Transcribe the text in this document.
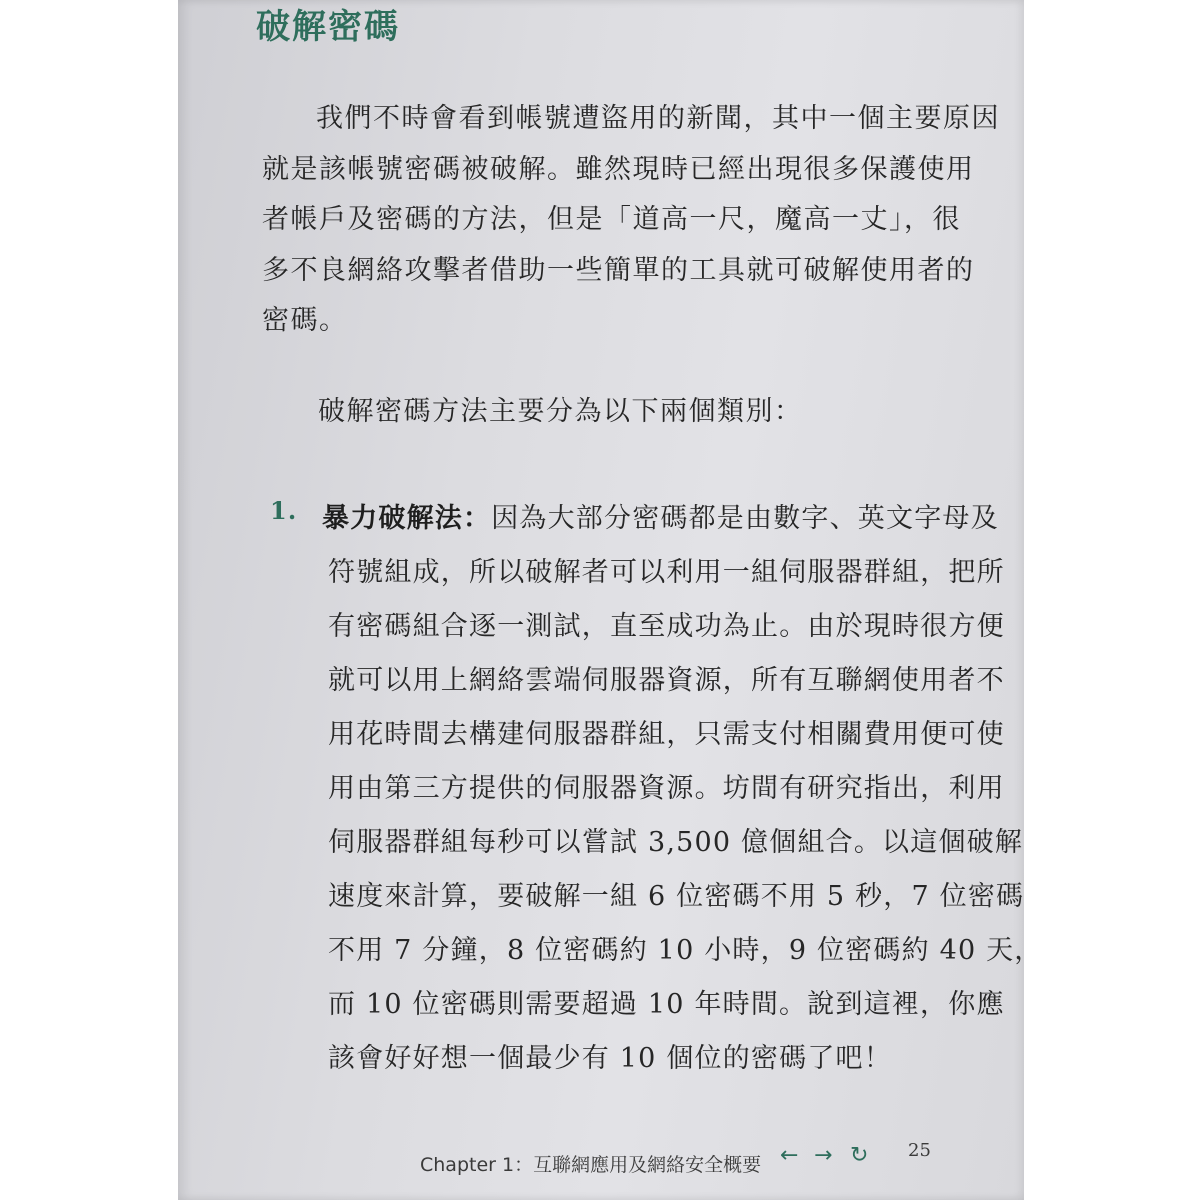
破解密碼
我們不時會看到帳號遭盜用的新聞，其中一個主要原因
就是該帳號密碼被破解。雖然現時已經出現很多保護使用
者帳戶及密碼的方法，但是「道高一尺，魔高一丈」，很
多不良網絡攻擊者借助一些簡單的工具就可破解使用者的
密碼。
破解密碼方法主要分為以下兩個類別：
1. 暴力破解法：因為大部分密碼都是由數字、英文字母及
符號組成，所以破解者可以利用一組伺服器群組，把所
有密碼組合逐一測試，直至成功為止。由於現時很方便
就可以用上網絡雲端伺服器資源，所有互聯網使用者不
用花時間去構建伺服器群組，只需支付相關費用便可使
用由第三方提供的伺服器資源。坊間有研究指出，利用
伺服器群組每秒可以嘗試 3,500 億個組合。以這個破解
速度來計算，要破解一組 6 位密碼不用 5 秒，7 位密碼
不用 7 分鐘，8 位密碼約 10 小時，9 位密碼約 40 天，
而 10 位密碼則需要超過 10 年時間。說到這裡，你應
該會好好想一個最少有 10 個位的密碼了吧！
Chapter 1：互聯網應用及網絡安全概要 ← → ↻ 25
